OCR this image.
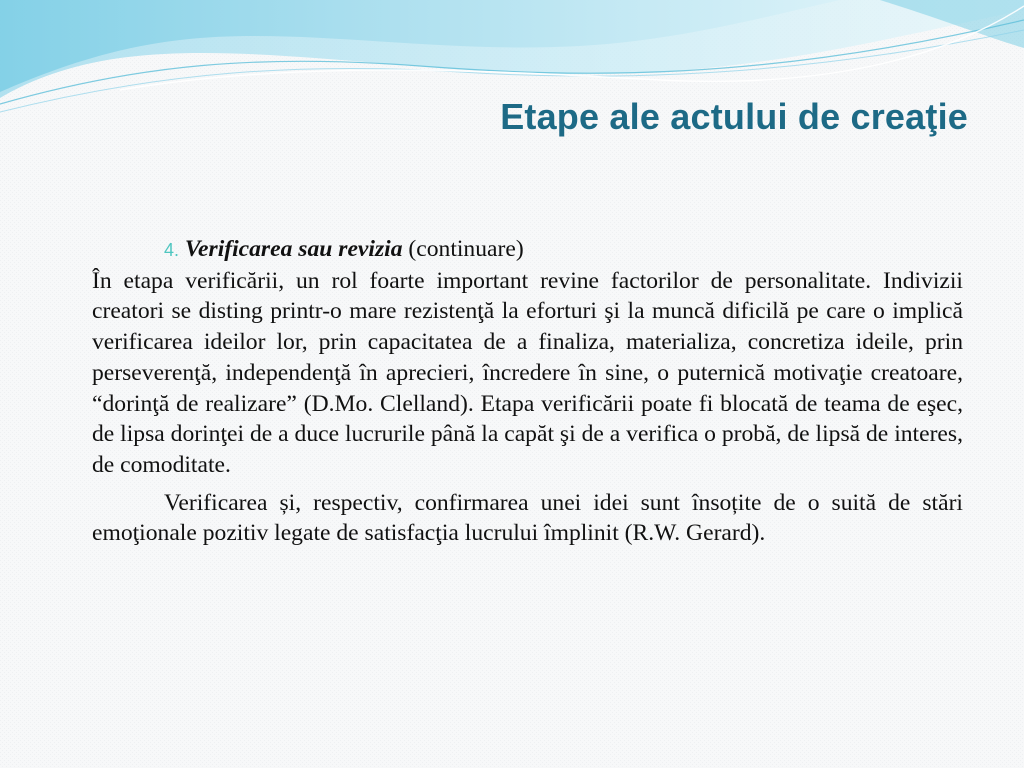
Etape ale actului de creaţie

4. Verificarea sau revizia (continuare)
În etapa verificării, un rol foarte important revine factorilor de personalitate. Indivizii creatori se disting printr-o mare rezistenţă la eforturi şi la muncă dificilă pe care o implică verificarea ideilor lor, prin capacitatea de a finaliza, materializa, concretiza ideile, prin perseverenţă, independenţă în aprecieri, încredere în sine, o puternică motivaţie creatoare, “dorinţă de realizare” (D.Mo. Clelland). Etapa verificării poate fi blocată de teama de eşec, de lipsa dorinţei de a duce lucrurile până la capăt şi de a verifica o probă, de lipsă de interes, de comoditate.

Verificarea și, respectiv, confirmarea unei idei sunt însoțite de o suită de stări emoţionale pozitiv legate de satisfacţia lucrului împlinit (R.W. Gerard).
